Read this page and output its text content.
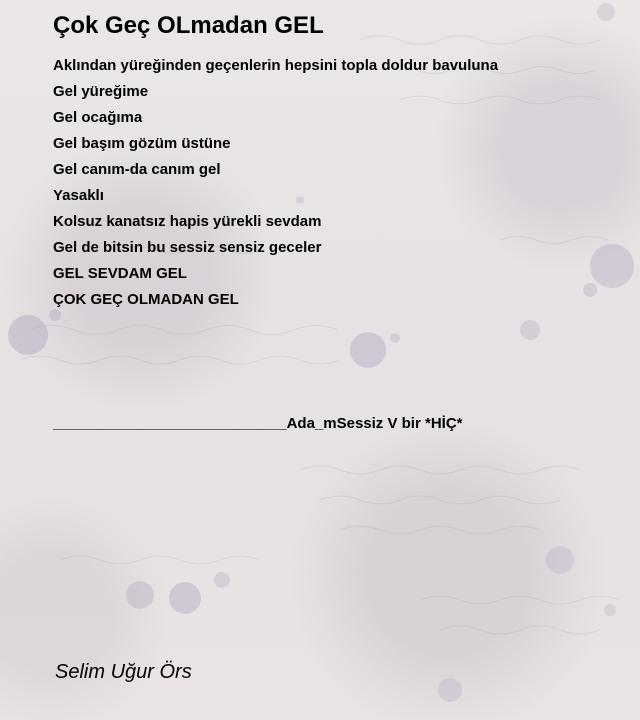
Çok Geç OLmadan GEL
Aklından yüreğinden geçenlerin hepsini topla doldur bavuluna
Gel yüreğime
Gel ocağıma
Gel başım gözüm üstüne
Gel canım-da canım gel
Yasaklı
Kolsuz kanatsız hapis yürekli sevdam
Gel de bitsin bu sessiz sensiz geceler
GEL SEVDAM GEL
ÇOK GEÇ OLMADAN GEL
____________________________Ada_mSessiz V bir *HİÇ*
Selim Uğur Örs
